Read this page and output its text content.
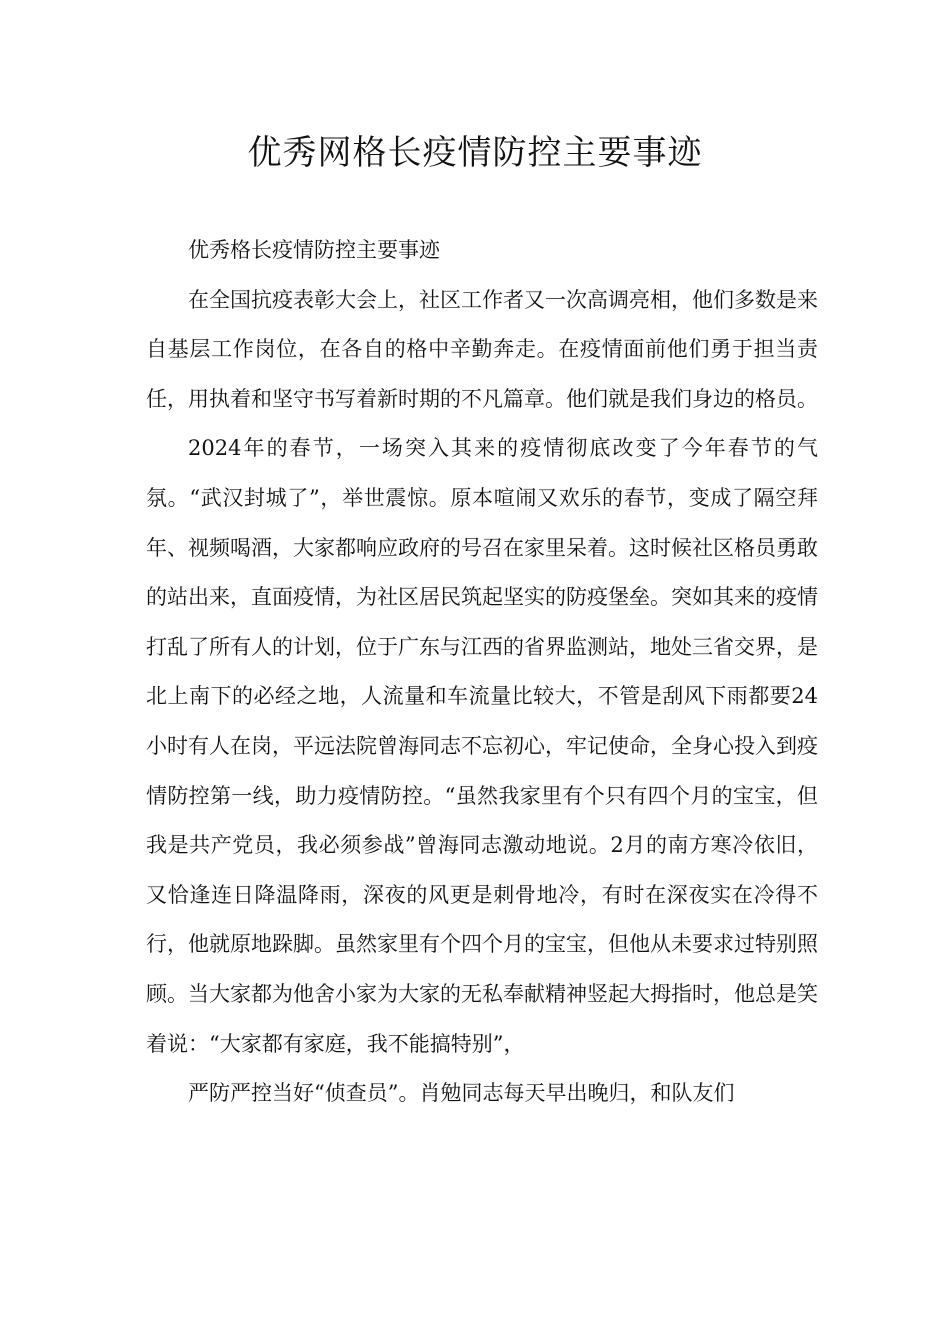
优秀网格长疫情防控主要事迹

优秀格长疫情防控主要事迹

在全国抗疫表彰大会上，社区工作者又一次高调亮相，他们多数是来自基层工作岗位，在各自的格中辛勤奔走。在疫情面前他们勇于担当责任，用执着和坚守书写着新时期的不凡篇章。他们就是我们身边的格员。

2024年的春节，一场突入其来的疫情彻底改变了今年春节的气氛。“武汉封城了”，举世震惊。原本喧闹又欢乐的春节，变成了隔空拜年、视频喝酒，大家都响应政府的号召在家里呆着。这时候社区格员勇敢的站出来，直面疫情，为社区居民筑起坚实的防疫堡垒。突如其来的疫情打乱了所有人的计划，位于广东与江西的省界监测站，地处三省交界，是北上南下的必经之地，人流量和车流量比较大，不管是刮风下雨都要24小时有人在岗，平远法院曾海同志不忘初心，牢记使命，全身心投入到疫情防控第一线，助力疫情防控。“虽然我家里有个只有四个月的宝宝，但我是共产党员，我必须参战”曾海同志激动地说。2月的南方寒冷依旧，又恰逢连日降温降雨，深夜的风更是刺骨地冷，有时在深夜实在冷得不行，他就原地跺脚。虽然家里有个四个月的宝宝，但他从未要求过特别照顾。当大家都为他舍小家为大家的无私奉献精神竖起大拇指时，他总是笑着说：“大家都有家庭，我不能搞特别”，

严防严控当好“侦查员”。肖勉同志每天早出晚归，和队友们
